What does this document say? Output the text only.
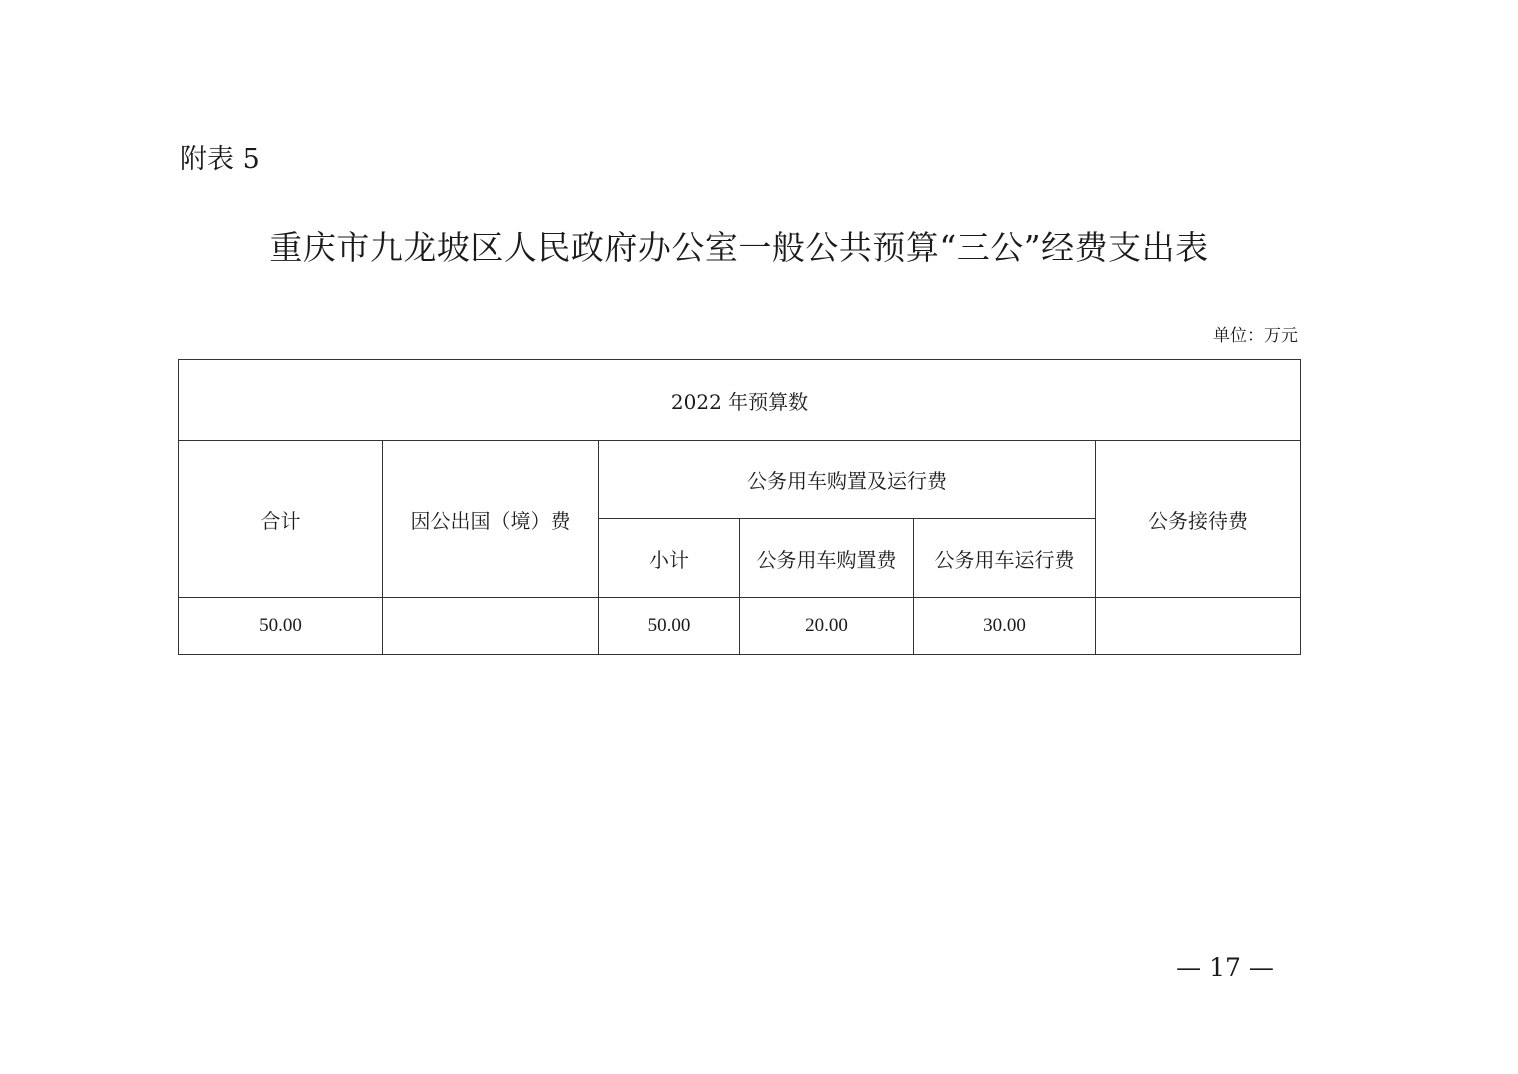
附表 5
重庆市九龙坡区人民政府办公室一般公共预算“三公”经费支出表
单位：万元
2022 年预算数					
合计	因公出国（境）费	公务用车购置及运行费			公务接待费
		小计	公务用车购置费	公务用车运行费	
50.00		50.00	20.00	30.00	
— 17 —
